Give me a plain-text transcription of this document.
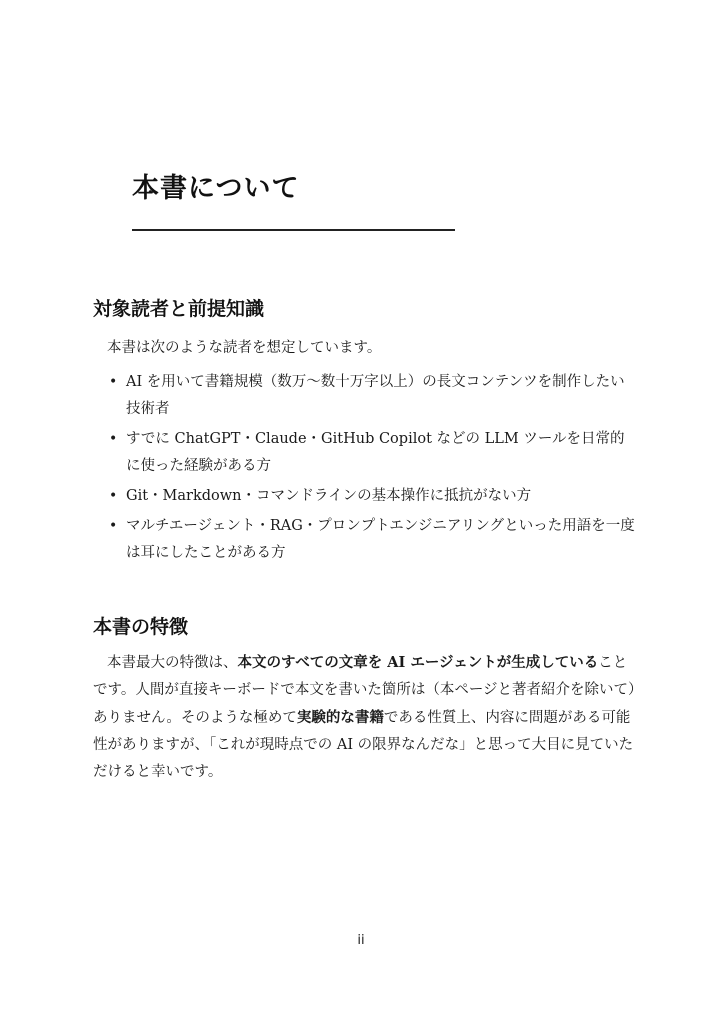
本書について
対象読者と前提知識

本書は次のような読者を想定しています。

• AI を用いて書籍規模（数万〜数十万字以上）の長文コンテンツを制作したい技術者
• すでに ChatGPT・Claude・GitHub Copilot などの LLM ツールを日常的に使った経験がある方
• Git・Markdown・コマンドラインの基本操作に抵抗がない方
• マルチエージェント・RAG・プロンプトエンジニアリングといった用語を一度は耳にしたことがある方
本書の特徴

本書最大の特徴は、本文のすべての文章を AI エージェントが生成していることです。人間が直接キーボードで本文を書いた箇所は（本ページと著者紹介を除いて）ありません。そのような極めて実験的な書籍である性質上、内容に問題がある可能性がありますが、「これが現時点での AI の限界なんだな」と思って大目に見ていただけると幸いです。

ii
